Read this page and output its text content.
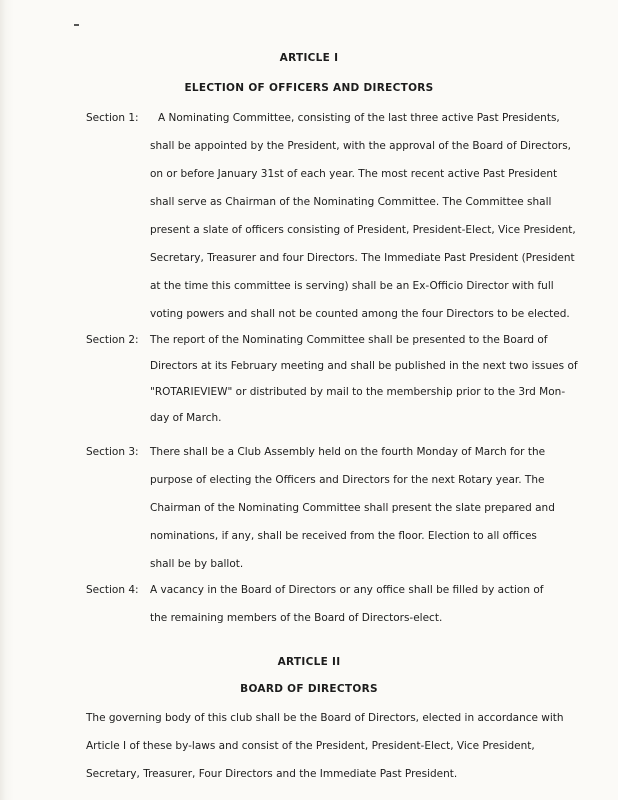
ARTICLE I
ELECTION OF OFFICERS AND DIRECTORS
Section 1: A Nominating Committee, consisting of the last three active Past Presidents,
shall be appointed by the President, with the approval of the Board of Directors,
on or before January 31st of each year. The most recent active Past President
shall serve as Chairman of the Nominating Committee. The Committee shall
present a slate of officers consisting of President, President-Elect, Vice President,
Secretary, Treasurer and four Directors. The Immediate Past President (President
at the time this committee is serving) shall be an Ex-Officio Director with full
voting powers and shall not be counted among the four Directors to be elected.
Section 2: The report of the Nominating Committee shall be presented to the Board of
Directors at its February meeting and shall be published in the next two issues of
"ROTARIEVIEW" or distributed by mail to the membership prior to the 3rd Mon-
day of March.
Section 3: There shall be a Club Assembly held on the fourth Monday of March for the
purpose of electing the Officers and Directors for the next Rotary year. The
Chairman of the Nominating Committee shall present the slate prepared and
nominations, if any, shall be received from the floor. Election to all offices
shall be by ballot.
Section 4: A vacancy in the Board of Directors or any office shall be filled by action of
the remaining members of the Board of Directors-elect.
ARTICLE II
BOARD OF DIRECTORS
The governing body of this club shall be the Board of Directors, elected in accordance with
Article I of these by-laws and consist of the President, President-Elect, Vice President,
Secretary, Treasurer, Four Directors and the Immediate Past President.
